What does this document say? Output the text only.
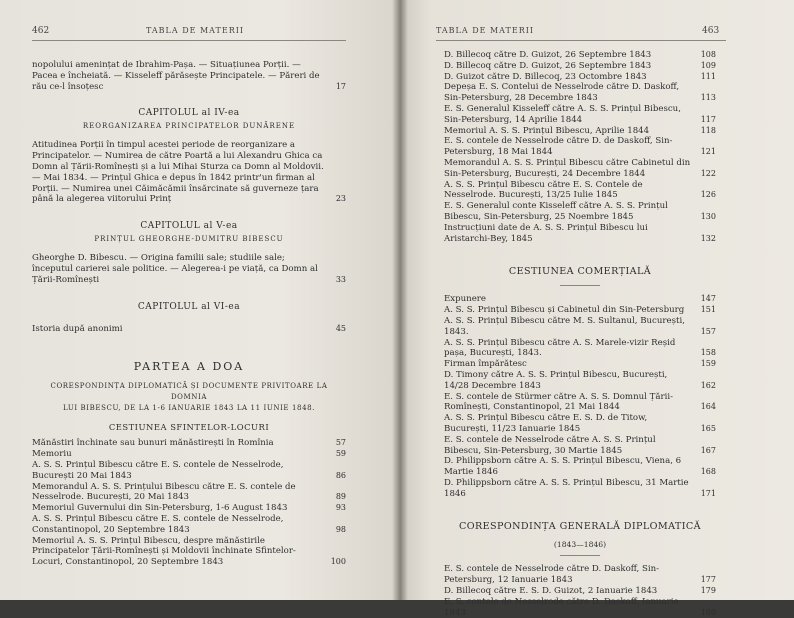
462	TABLA DE MATERII
nopolului amenințat de Ibrahim-Pașa. — Situațiunea Porții. — Pacea e încheiată. — Kisseleff părăsește Principatele. — Păreri de rău ce-l însoțesc	17
CAPITOLUL al IV-ea
REORGANIZAREA PRINCIPATELOR DUNĂRENE
Atitudinea Porții în timpul acestei periode de reorganizare a Principatelor. — Numirea de către Poartă a lui Alexandru Ghica ca Domn al Țării-Romînești și a lui Mihai Sturza ca Domn al Moldovii. — Mai 1834. — Prințul Ghica e depus în 1842 printr'un firman al Porții. — Numirea unei Căimăcămii însărcinate să guverneze țara până la alegerea viitorului Prinț	23
CAPITOLUL al V-ea
PRINȚUL GHEORGHE-DUMITRU BIBESCU
Gheorghe D. Bibescu. — Origina familii sale; studiile sale; începutul carierei sale politice. — Alegerea-i pe viață, ca Domn al Țării-Romînești	33
CAPITOLUL al VI-ea
Istoria după anonimi	45
PARTEA A DOA
CORESPONDINȚA DIPLOMATICĂ ȘI DOCUMENTE PRIVITOARE LA DOMNIA
LUI BIBESCU, DE LA 1-6 IANUARIE 1843 LA 11 IUNIE 1848.
CESTIUNEA SFINTELOR-LOCURI
Mănăstiri închinate sau bunuri mănăstirești în Romînia	57
Memoriu	59
A. S. S. Prințul Bibescu către E. S. contele de Nesselrode, București 20 Mai 1843	86
Memorandul A. S. S. Prințului Bibescu către E. S. contele de Nesselrode. București, 20 Mai 1843	89
Memoriul Guvernului din Sin-Petersburg, 1-6 August 1843	93
A. S. S. Prințul Bibescu către E. S. contele de Nesselrode, Constantinopol, 20 Septembre 1843	98
Memoriul A. S. S. Prințul Bibescu, despre mănăstirile Principatelor Țării-Romînești și Moldovii închinate Sfintelor-Locuri, Constantinopol, 20 Septembre 1843	100
TABLA DE MATERII	463
D. Billecoq către D. Guizot, 26 Septembre 1843	108
D. Billecoq către D. Guizot, 26 Septembre 1843	109
D. Guizot către D. Billecoq, 23 Octombre 1843	111
Depeșa E. S. Contelui de Nesselrode către D. Daskoff, Sin-Petersburg, 28 Decembre 1843	113
E. S. Generalul Kisseleff către A. S. S. Prințul Bibescu, Sin-Petersburg, 14 Aprilie 1844	117
Memoriul A. S. S. Prințul Bibescu, Aprilie 1844	118
E. S. contele de Nesselrode către D. de Daskoff, Sin-Petersburg, 18 Mai 1844	121
Memorandul A. S. S. Prințul Bibescu către Cabinetul din Sin-Petersburg, București, 24 Decembre 1844	122
A. S. S. Prințul Bibescu către E. S. Contele de Nesselrode. București, 13/25 Iulie 1845	126
E. S. Generalul conte Kisseleff către A. S. S. Prințul Bibescu, Sin-Petersburg, 25 Noembre 1845	130
Instrucțiuni date de A. S. S. Prințul Bibescu lui Aristarchi-Bey, 1845	132
CESTIUNEA COMERȚIALĂ
Expunere	147
A. S. S. Prințul Bibescu și Cabinetul din Sin-Petersburg 151
A. S. S. Prințul Bibescu către M. S. Sultanul, București, 1843.	157
A. S. S. Prințul Bibescu către A. S. Marele-vizir Reșid pașa, București, 1843.	158
Firman împărătesc	159
D. Timony către A. S. S. Prințul Bibescu, București, 14/28 Decembre 1843	162
E. S. contele de Stürmer către A. S. S. Domnul Țării-Romînești, Constantinopol, 21 Mai 1844	164
A. S. S. Prințul Bibescu către E. S. D. de Titow, București, 11/23 Ianuarie 1845	165
E. S. contele de Nesselrode către A. S. S. Prințul Bibescu, Sin-Petersburg, 30 Martie 1845	167
D. Philippsborn către A. S. S. Prințul Bibescu, Viena, 6 Martie 1846	168
D. Philippsborn către A. S. S. Prințul Bibescu, 31 Martie 1846	171
CORESPONDINȚA GENERALĂ DIPLOMATICĂ
(1843—1846)
E. S. contele de Nesselrode către D. Daskoff, Sin-Petersburg, 12 Ianuarie 1843	177
D. Billecoq către E. S. D. Guizot, 2 Ianuarie 1843	179
E. S. contele de Nesselrode către D. Daskoff, Ianuarie 1843	180
